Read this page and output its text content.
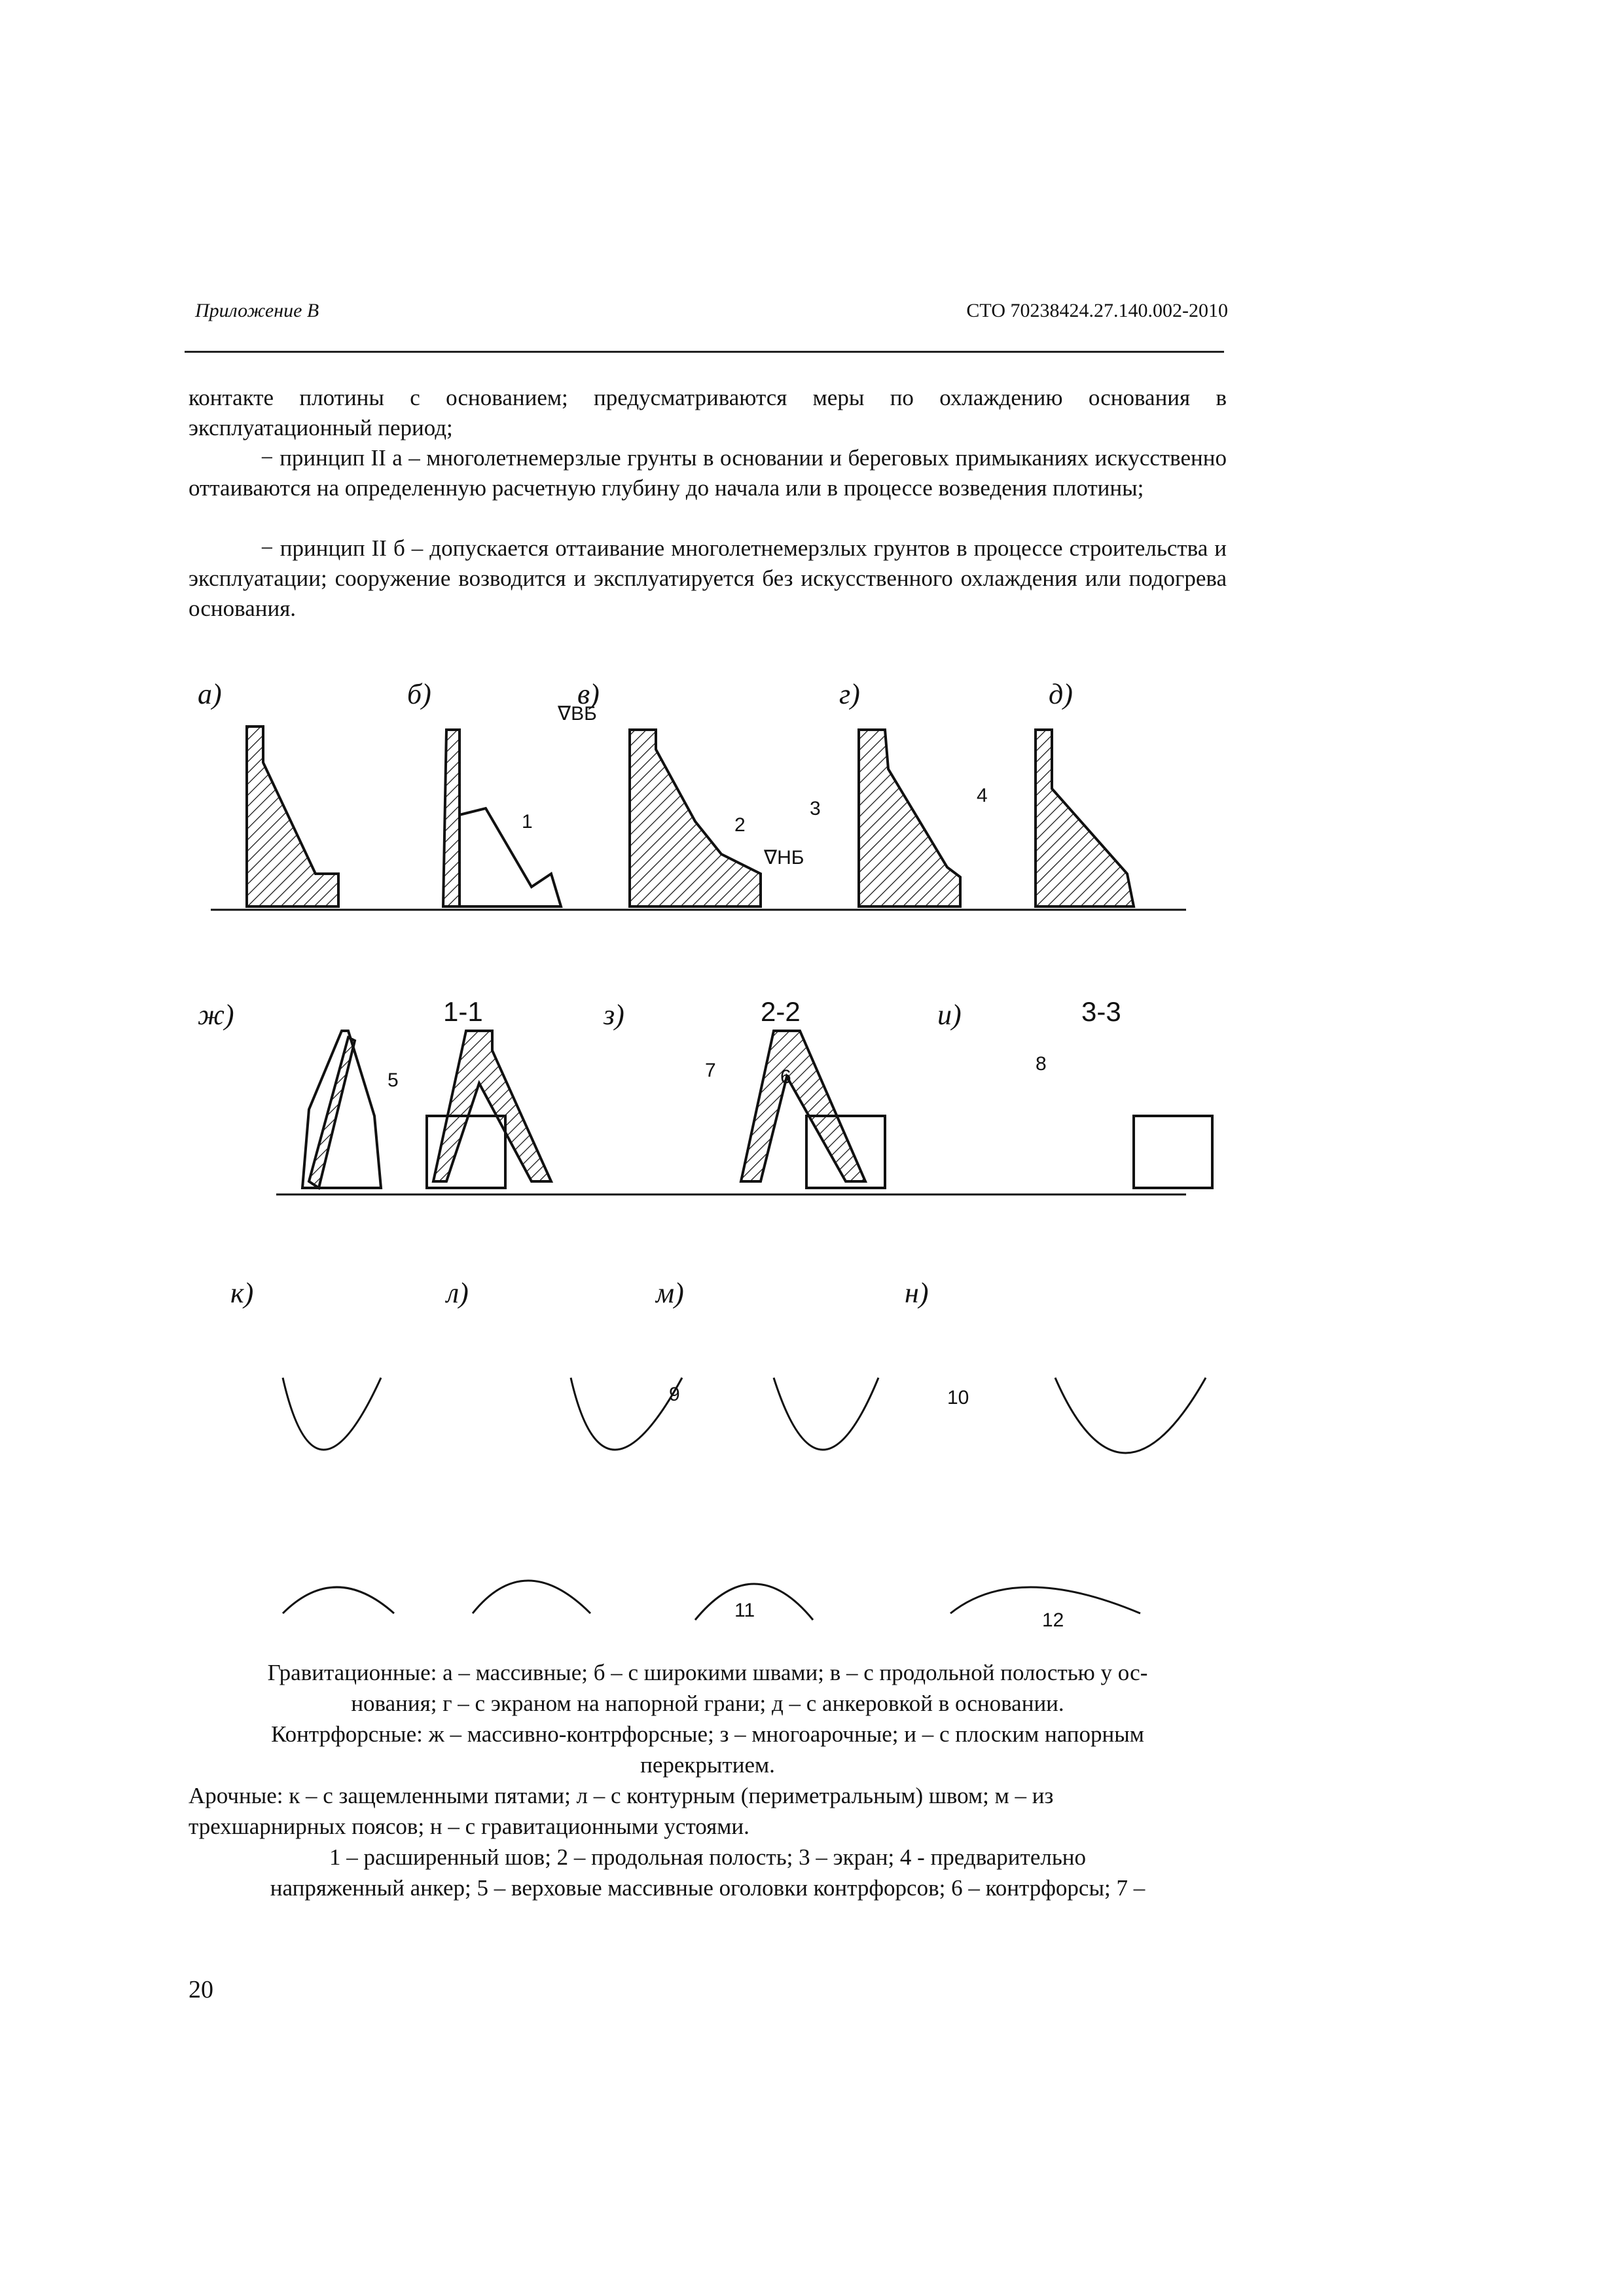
Приложение В	СТО 70238424.27.140.002-2010
контакте плотины с основанием; предусматриваются меры по охлаждению основания в эксплуатационный период;
− принцип II а – многолетнемерзлые грунты в основании и береговых примыканиях искусственно оттаиваются на определенную расчетную глубину до начала или в процессе возведения плотины;
− принцип II б – допускается оттаивание многолетнемерзлых грунтов в процессе строительства и эксплуатации; сооружение возводится и эксплуатируется без искусственного охлаждения или подогрева основания.
а)	б)	в)	г)	д)
ж)	з)	и)
к)	л)	м)	н)
1-1	2-2	3-3
∇ВБ
∇НБ
1	2
3
4
5	6
7	8
9	10
11	12
Гравитационные: а – массивные; б – с широкими швами; в – с продольной полостью у ос-
нования; г – с экраном на напорной грани; д – с анкеровкой в основании.
Контрфорсные: ж – массивно-контрфорсные; з – многоарочные; и – с плоским напорным
перекрытием.
Арочные: к – с защемленными пятами; л – с контурным (периметральным) швом; м – из
трехшарнирных поясов; н – с гравитационными устоями.
1 – расширенный шов; 2 – продольная полость; 3 – экран; 4 - предварительно
напряженный анкер; 5 – верховые массивные оголовки контрфорсов; 6 – контрфорсы; 7 –
20
